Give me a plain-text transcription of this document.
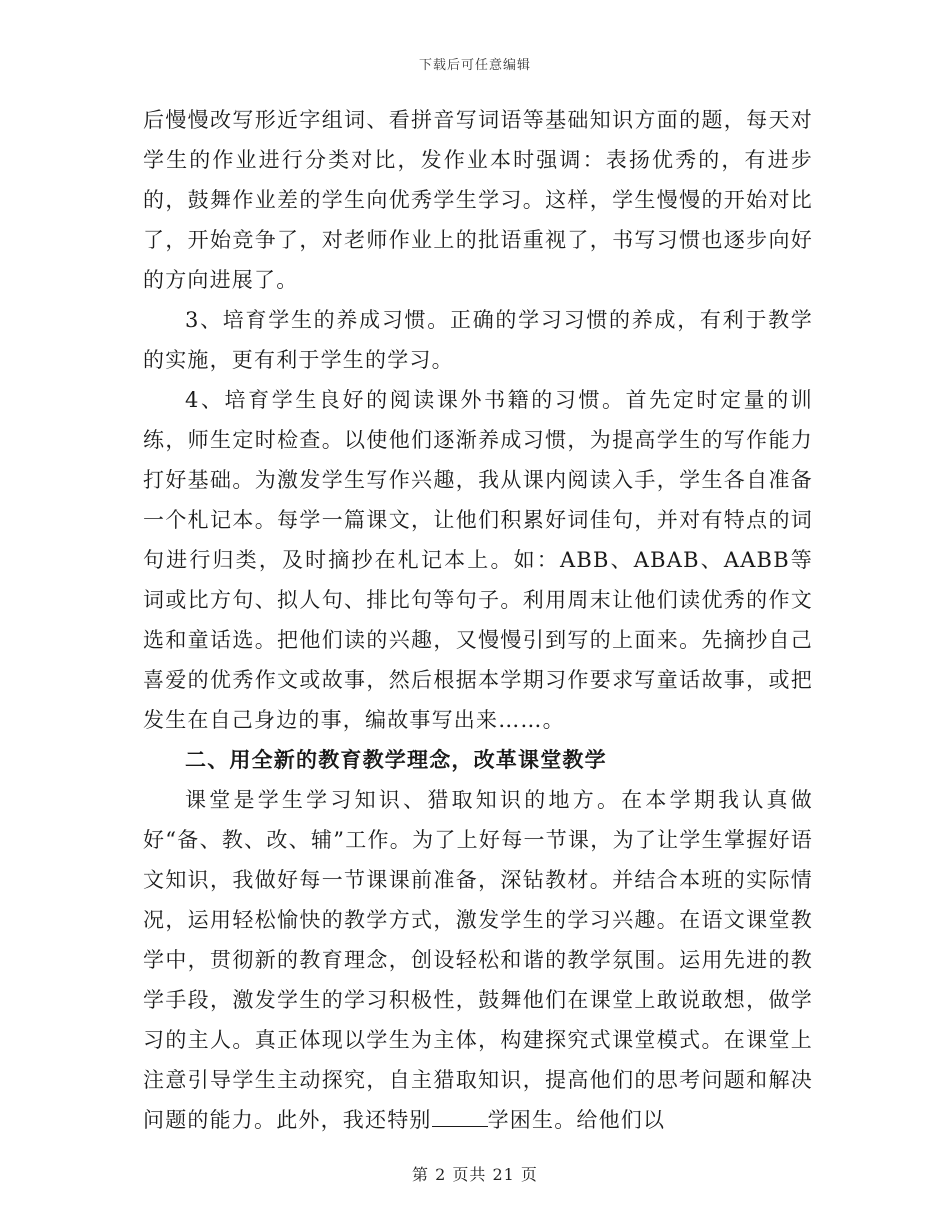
下载后可任意编辑

后慢慢改写形近字组词、看拼音写词语等基础知识方面的题，每天对学生的作业进行分类对比，发作业本时强调：表扬优秀的，有进步的，鼓舞作业差的学生向优秀学生学习。这样，学生慢慢的开始对比了，开始竞争了，对老师作业上的批语重视了，书写习惯也逐步向好的方向进展了。

3、培育学生的养成习惯。正确的学习习惯的养成，有利于教学的实施，更有利于学生的学习。

4、培育学生良好的阅读课外书籍的习惯。首先定时定量的训练，师生定时检查。以使他们逐渐养成习惯，为提高学生的写作能力打好基础。为激发学生写作兴趣，我从课内阅读入手，学生各自准备一个札记本。每学一篇课文，让他们积累好词佳句，并对有特点的词句进行归类，及时摘抄在札记本上。如：ABB、ABAB、AABB等词或比方句、拟人句、排比句等句子。利用周末让他们读优秀的作文选和童话选。把他们读的兴趣，又慢慢引到写的上面来。先摘抄自己喜爱的优秀作文或故事，然后根据本学期习作要求写童话故事，或把发生在自己身边的事，编故事写出来……。

二、用全新的教育教学理念，改革课堂教学

课堂是学生学习知识、猎取知识的地方。在本学期我认真做好“备、教、改、辅”工作。为了上好每一节课，为了让学生掌握好语文知识，我做好每一节课课前准备，深钻教材。并结合本班的实际情况，运用轻松愉快的教学方式，激发学生的学习兴趣。在语文课堂教学中，贯彻新的教育理念，创设轻松和谐的教学氛围。运用先进的教学手段，激发学生的学习积极性，鼓舞他们在课堂上敢说敢想，做学习的主人。真正体现以学生为主体，构建探究式课堂模式。在课堂上注意引导学生主动探究，自主猎取知识，提高他们的思考问题和解决问题的能力。此外，我还特别	学困生。给他们以

第 2 页共 21 页
